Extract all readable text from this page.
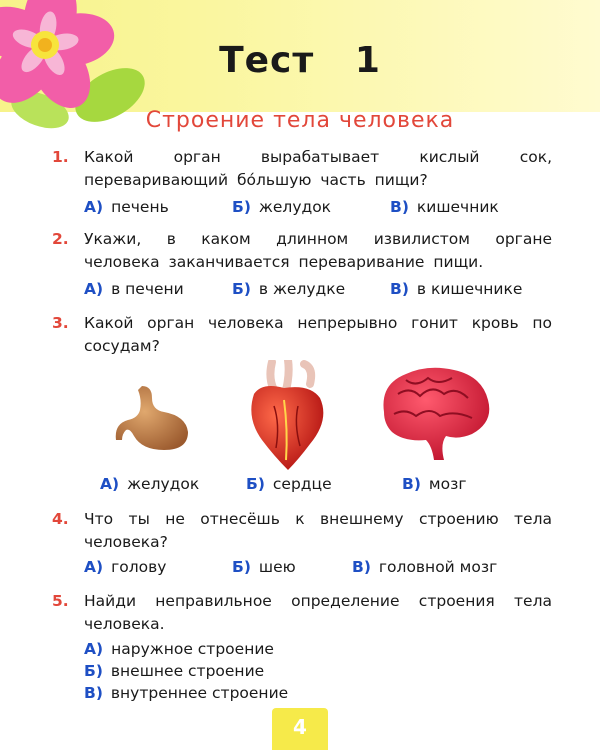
Тест   1
Строение тела человека
1. Какой орган вырабатывает кислый сок, переваривающий бо́льшую часть пищи?
А) печень	Б) желудок	В) кишечник
2. Укажи, в каком длинном извилистом органе человека заканчивается переваривание пищи.
А) в печени	Б) в желудке	В) в кишечнике
3. Какой орган человека непрерывно гонит кровь по сосудам?
А) желудок	Б) сердце	В) мозг
4. Что ты не отнесёшь к внешнему строению тела человека?
А) голову	Б) шею	В) головной мозг
5. Найди неправильное определение строения тела человека.
А) наружное строение
Б) внешнее строение
В) внутреннее строение
4
